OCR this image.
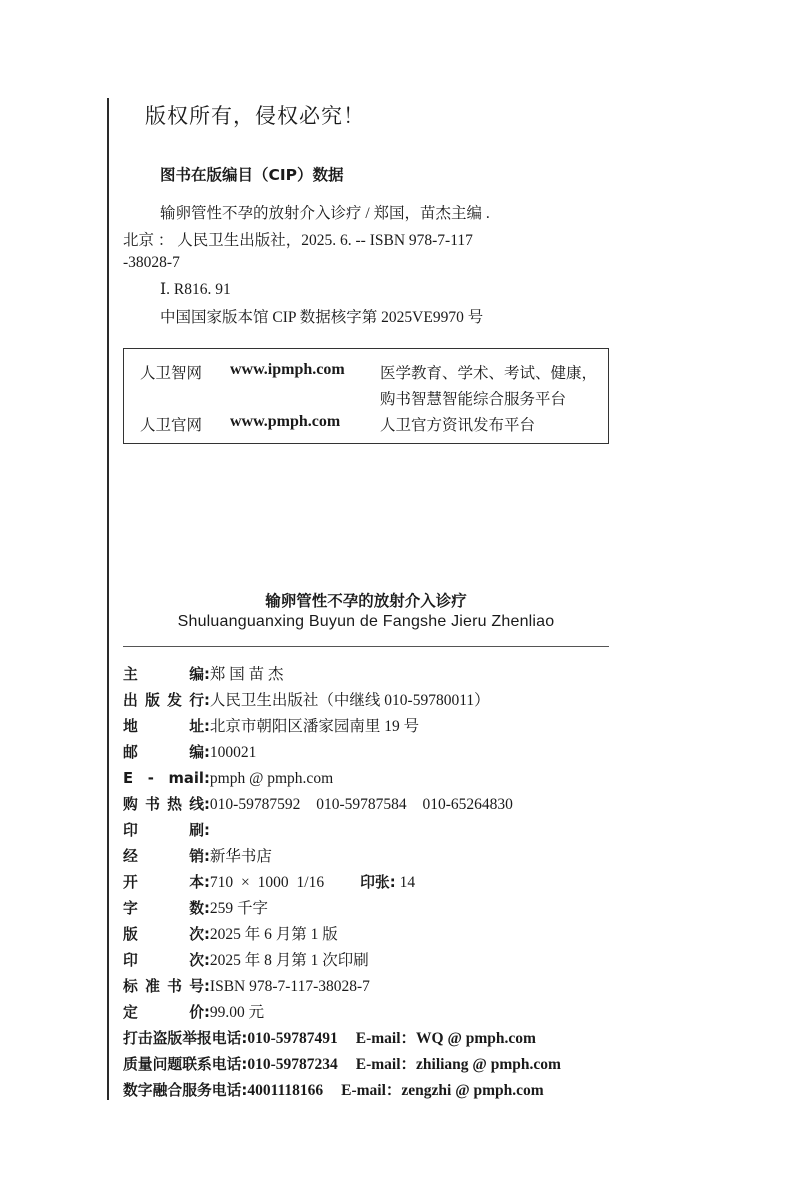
版权所有，侵权必究！
图书在版编目（CIP）数据
输卵管性不孕的放射介入诊疗 / 郑国，苗杰主编 .
北京 ： 人民卫生出版社，2025. 6. -- ISBN 978-7-117
-38028-7
Ⅰ. R816. 91
中国国家版本馆 CIP 数据核字第 2025VE9970 号
人卫智网 www.ipmph.com 医学教育、学术、考试、健康，
购书智慧智能综合服务平台
人卫官网 www.pmph.com	人卫官方资讯发布平台
输卵管性不孕的放射介入诊疗
Shuluanguanxing Buyun de Fangshe Jieru Zhenliao
主编 : 郑 国 苗 杰
出版发行 : 人民卫生出版社（中继线 010-59780011）
地址 : 北京市朝阳区潘家园南里 19 号
邮编 : 100021
E - mail : pmph @ pmph.com
购书热线 : 010-59787592 010-59787584 010-65264830
印刷 :
经销 : 新华书店
开本 : 710 × 1000 1/16 印张 : 14
字数 : 259 千字
版次 : 2025 年 6 月第 1 版
印次 : 2025 年 8 月第 1 次印刷
标准书号 : ISBN 978-7-117-38028-7
定价 : 99.00 元
打击盗版举报电话 : 010-59787491 E-mail：WQ @ pmph.com
质量问题联系电话 : 010-59787234 E-mail：zhiliang @ pmph.com
数字融合服务电话 : 4001118166 E-mail：zengzhi @ pmph.com
